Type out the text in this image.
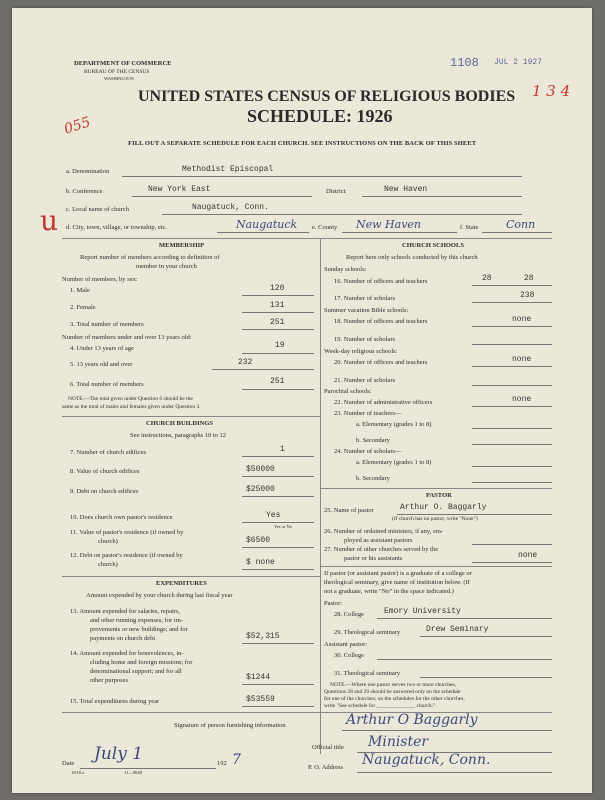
DEPARTMENT OF COMMERCE
BUREAU OF THE CENSUS
WASHINGTON
1108 JUL 2 1927
1 3 4
055
UNITED STATES CENSUS OF RELIGIOUS BODIES
SCHEDULE: 1926
FILL OUT A SEPARATE SCHEDULE FOR EACH CHURCH. SEE INSTRUCTIONS ON THE BACK OF THIS SHEET
a. Denomination	Methodist Episcopal
b. Conference	New York East	District	New Haven
c. Local name of church	Naugatuck, Conn.
u d. City, town, village, or township, etc.	Naugatuck e. County New Haven	f. State	Conn
MEMBERSHIP
Report number of members according to definition of
member in your church
Number of members, by sex:
1. Male	120
2. Female	131
3. Total number of members	251
Number of members under and over 13 years old:
4. Under 13 years of age	19
5. 13 years old and over	232
6. Total number of members	251
NOTE.—The total given under Question 6 should be the
same as the total of males and females given under Question 3.
CHURCH BUILDINGS
See instructions, paragraphs 10 to 12
7. Number of church edifices	1
8. Value of church edifices	$50000
9. Debt on church edifices	$25000
10. Does church own pastor's residence	Yes
Yes or No
11. Value of pastor's residence (if owned by
church)	$6500
12. Debt on pastor's residence (if owned by
church)	$ none
EXPENDITURES
Amount expended by your church during last fiscal year
13. Amount expended for salaries, repairs,
and other running expenses; for im-
provements or new buildings; and for
payments on church debt	$52,315
14. Amount expended for benevolences, in-
cluding home and foreign missions; for
denominational support; and for all
other purposes	$1244
15. Total expenditures during year	$53559
CHURCH SCHOOLS
Report here only schools conducted by this church
Sunday schools:
16. Number of officers and teachers	28	28
17. Number of scholars	238
Summer vacation Bible schools:
18. Number of officers and teachers	none
19. Number of scholars
Week-day religious schools:
20. Number of officers and teachers	none
21. Number of scholars
Parochial schools:
22. Number of administrative officers	none
23. Number of teachers—
a. Elementary (grades 1 to 8)
b. Secondary
24. Number of scholars—
a. Elementary (grades 1 to 8)
b. Secondary
PASTOR
25. Name of pastor	Arthur O. Baggarly
(If church has no pastor, write "None")
26. Number of ordained ministers, if any, em-
ployed as assistant pastors
27. Number of other churches served by the
pastor or his assistants	none
If pastor (or assistant pastor) is a graduate of a college or
theological seminary, give name of institution below. (If
not a graduate, write "No" in the space indicated.)
Pastor:
28. College	Emory University
29. Theological seminary	Drew Seminary
Assistant pastor:
30. College
31. Theological seminary
NOTE.—Where one pastor serves two or more churches,
Questions 28 and 29 should be answered only on the schedule
for one of the churches; on the schedules for the other churches,
write "See schedule for ______________ church."
Signature of person furnishing information	Arthur O Baggarly
Official title Minister
P. O. Address Naugatuck, Conn.
Date July 1	192 7
6518 a	11—9048
